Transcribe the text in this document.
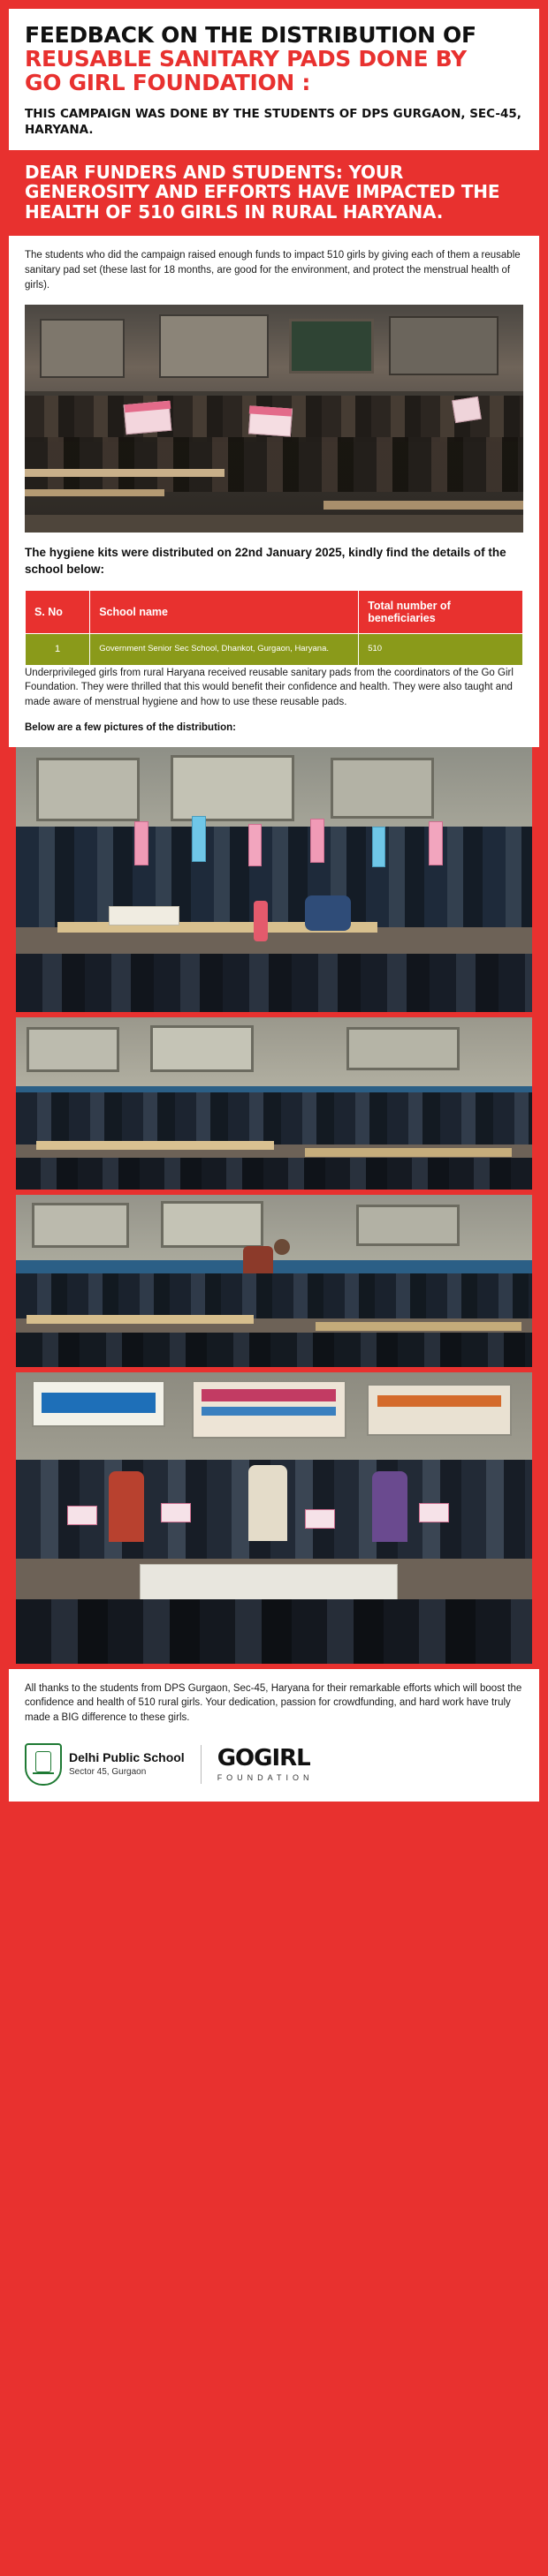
FEEDBACK ON THE DISTRIBUTION OF

REUSABLE SANITARY PADS DONE BY
GO GIRL FOUNDATION :
THIS CAMPAIGN WAS DONE BY THE STUDENTS OF DPS GURGAON, SEC-45, HARYANA.

DEAR FUNDERS AND STUDENTS: YOUR GENEROSITY AND EFFORTS HAVE IMPACTED THE HEALTH OF 510 GIRLS IN RURAL HARYANA.

The students who did the campaign raised enough funds to impact 510 girls by giving each of them a reusable sanitary pad set (these last for 18 months, are good for the environment, and protect the menstrual health of girls).

The hygiene kits were distributed on 22nd January 2025, kindly find the details of the school below:

S. No	School name	Total number of beneficiaries
1	Government Senior Sec School, Dhankot, Gurgaon, Haryana.	510

Underprivileged girls from rural Haryana received reusable sanitary pads from the coordinators of the Go Girl Foundation. They were thrilled that this would benefit their confidence and health. They were also taught and made aware of menstrual hygiene and how to use these reusable pads.

Below are a few pictures of the distribution:

All thanks to the students from DPS Gurgaon, Sec-45, Haryana for their remarkable efforts which will boost the confidence and health of 510 rural girls. Your dedication, passion for crowdfunding, and hard work have truly made a BIG difference to these girls.

Delhi Public School
Sector 45, Gurgaon
GOGIRL
FOUNDATION
